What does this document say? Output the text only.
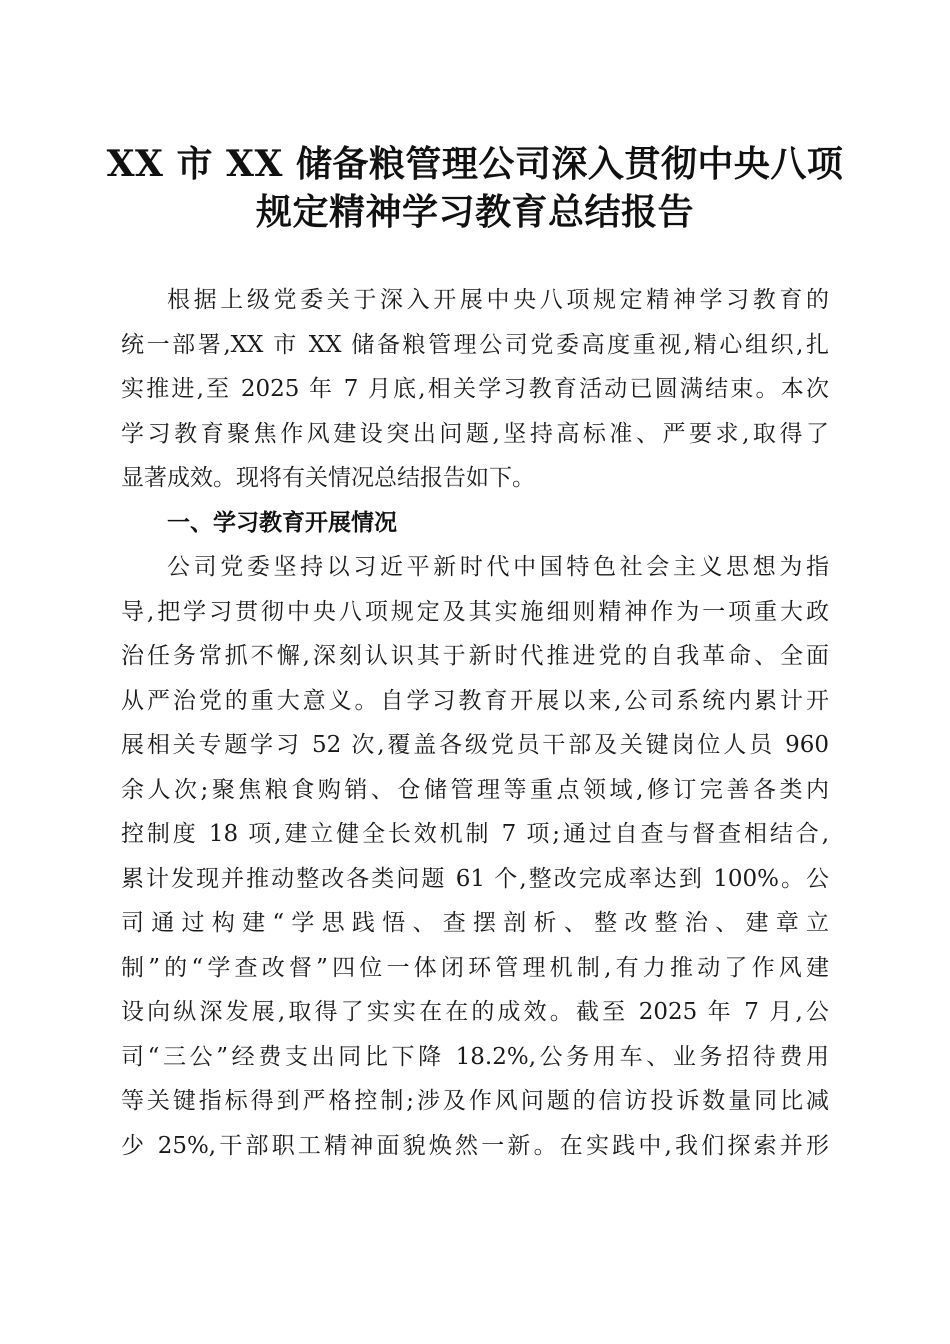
XX 市 XX 储备粮管理公司深入贯彻中央八项
规定精神学习教育总结报告

根据上级党委关于深入开展中央八项规定精神学习教育的
统一部署,XX 市 XX 储备粮管理公司党委高度重视,精心组织,扎
实推进,至 2025 年 7 月底,相关学习教育活动已圆满结束。本次
学习教育聚焦作风建设突出问题,坚持高标准、严要求,取得了
显著成效。现将有关情况总结报告如下。

一、学习教育开展情况

公司党委坚持以习近平新时代中国特色社会主义思想为指
导,把学习贯彻中央八项规定及其实施细则精神作为一项重大政
治任务常抓不懈,深刻认识其于新时代推进党的自我革命、全面
从严治党的重大意义。自学习教育开展以来,公司系统内累计开
展相关专题学习 52 次,覆盖各级党员干部及关键岗位人员 960
余人次;聚焦粮食购销、仓储管理等重点领域,修订完善各类内
控制度 18 项,建立健全长效机制 7 项;通过自查与督查相结合,
累计发现并推动整改各类问题 61 个,整改完成率达到 100%。公
司通过构建“学思践悟、查摆剖析、整改整治、建章立
制”的“学查改督”四位一体闭环管理机制,有力推动了作风建
设向纵深发展,取得了实实在在的成效。截至 2025 年 7 月,公
司“三公”经费支出同比下降 18.2%,公务用车、业务招待费用
等关键指标得到严格控制;涉及作风问题的信访投诉数量同比减
少 25%,干部职工精神面貌焕然一新。在实践中,我们探索并形
